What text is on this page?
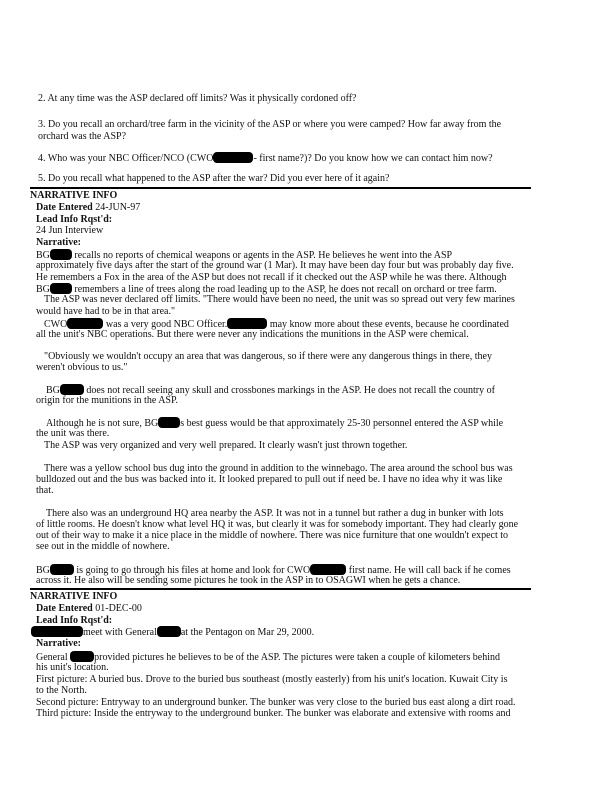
2. At any time was the ASP declared off limits? Was it physically cordoned off?
3. Do you recall an orchard/tree farm in the vicinity of the ASP or where you were camped? How far away from the
orchard was the ASP?
4. Who was your NBC Officer/NCO (CWO	- first name?)? Do you know how we can contact him now?
5. Do you recall what happened to the ASP after the war? Did you ever here of it again?
NARRATIVE INFO
Date Entered 24-JUN-97
Lead Info Rqst'd:
24 Jun Interview
Narrative:
BG recalls no reports of chemical weapons or agents in the ASP. He believes he went into the ASP
approximately five days after the start of the ground war (1 Mar). It may have been day four but was probably day five.
He remembers a Fox in the area of the ASP but does not recall if it checked out the ASP while he was there. Although
BG remembers a line of trees along the road leading up to the ASP, he does not recall on orchard or tree farm.
The ASP was never declared off limits. "There would have been no need, the unit was so spread out very few marines
would have had to be in that area."
CWO	was a very good NBC Officer.	may know more about these events, because he coordinated
all the unit's NBC operations. But there were never any indications the munitions in the ASP were chemical.
"Obviously we wouldn't occupy an area that was dangerous, so if there were any dangerous things in there, they
weren't obvious to us."
BG	does not recall seeing any skull and crossbones markings in the ASP. He does not recall the country of
origin for the munitions in the ASP.
Although he is not sure, BG s best guess would be that approximately 25-30 personnel entered the ASP while
the unit was there.
The ASP was very organized and very well prepared. It clearly wasn't just thrown together.
There was a yellow school bus dug into the ground in addition to the winnebago. The area around the school bus was
bulldozed out and the bus was backed into it. It looked prepared to pull out if need be. I have no idea why it was like
that.
There also was an underground HQ area nearby the ASP. It was not in a tunnel but rather a dug in bunker with lots
of little rooms. He doesn't know what level HQ it was, but clearly it was for somebody important. They had clearly gone
out of their way to make it a nice place in the middle of nowhere. There was nice furniture that one wouldn't expect to
see out in the middle of nowhere.
BG	is going to go through his files at home and look for CWO	first name. He will call back if he comes
across it. He also will be sending some pictures he took in the ASP in to OSAGWI when he gets a chance.
NARRATIVE INFO
Date Entered 01-DEC-00
Lead Info Rqst'd:
meet with General at the Pentagon on Mar 29, 2000.
Narrative:
General	provided pictures he believes to be of the ASP. The pictures were taken a couple of kilometers behind
his unit's location.
First picture: A buried bus. Drove to the buried bus southeast (mostly easterly) from his unit's location. Kuwait City is
to the North.
Second picture: Entryway to an underground bunker. The bunker was very close to the buried bus east along a dirt road.
Third picture: Inside the entryway to the underground bunker. The bunker was elaborate and extensive with rooms and
